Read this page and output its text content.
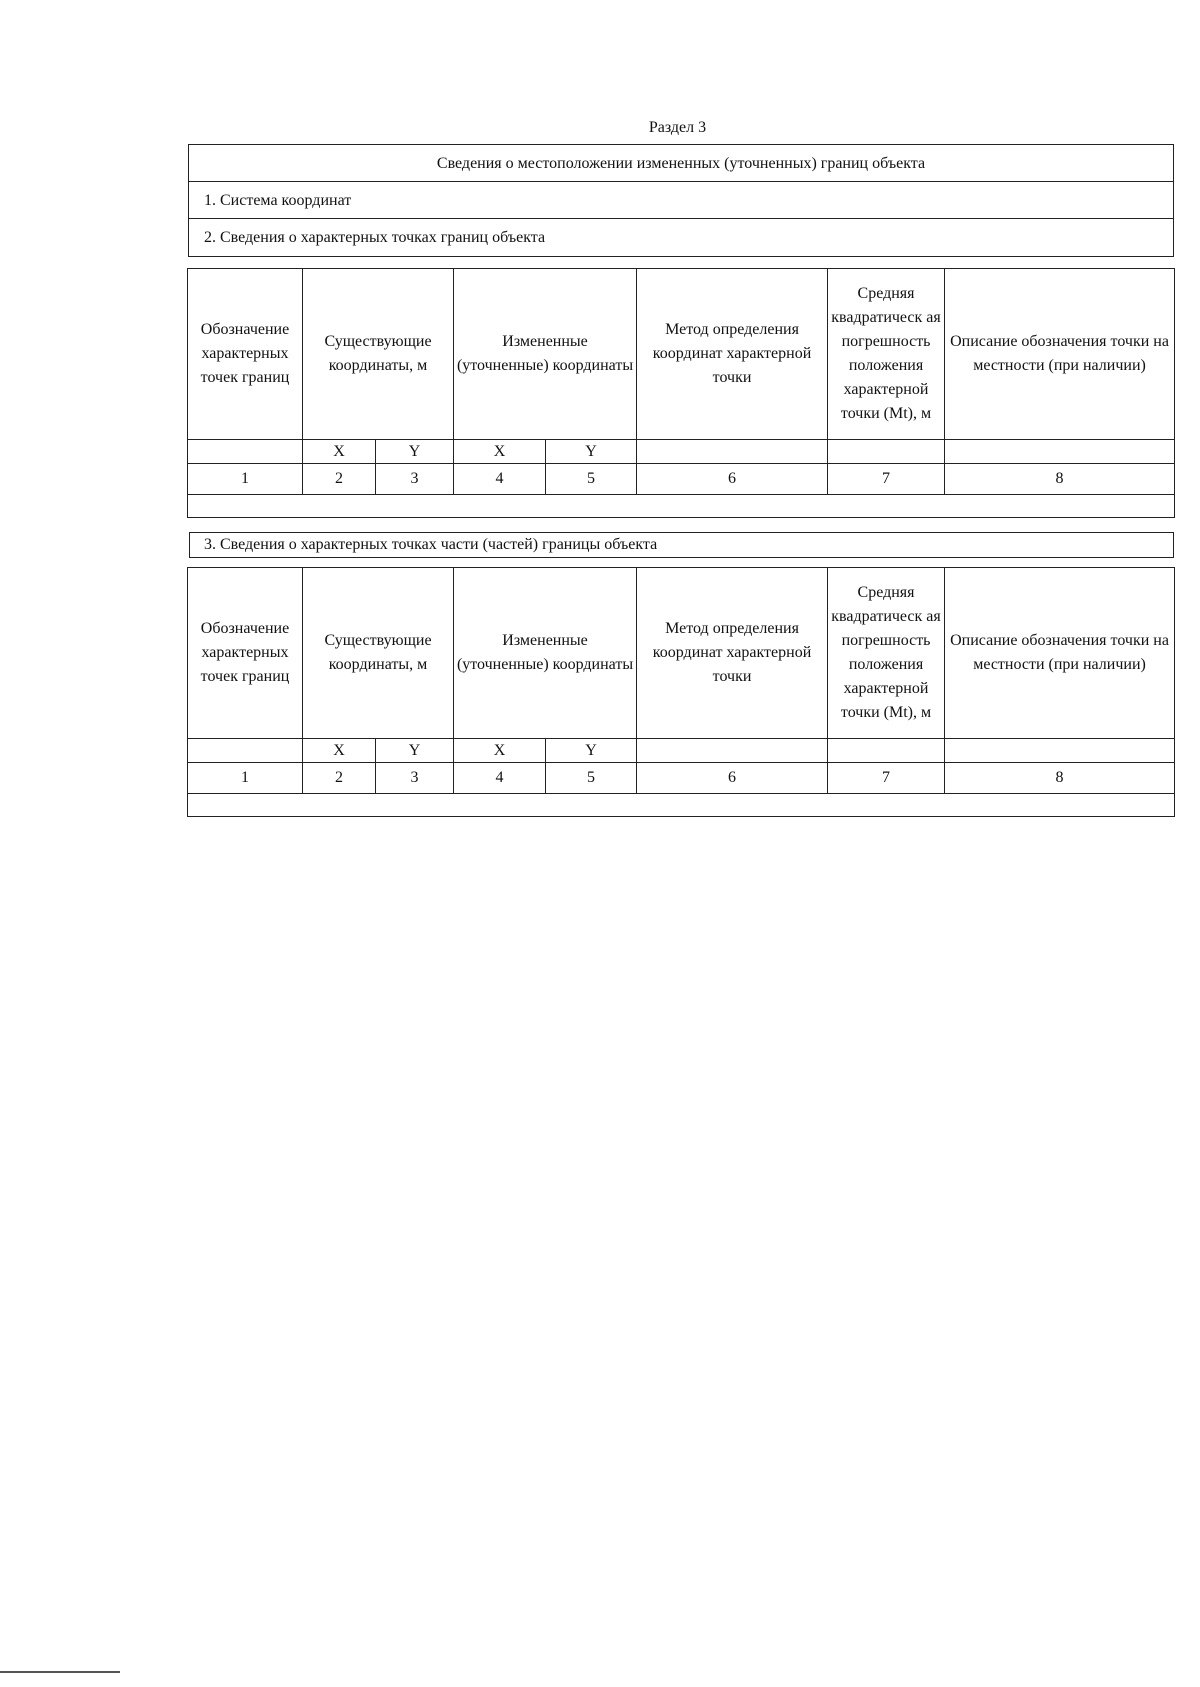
Раздел 3
Сведения о местоположении измененных (уточненных) границ объекта
1. Система координат
2. Сведения о характерных точках границ объекта
Обозначение характерных точек границ	Существующие координаты, м		Измененные (уточненные) координаты		Метод определения координат характерной точки	Средняя квадратическ ая погрешность положения характерной точки (Mt), м	Описание обозначения точки на местности (при наличии)
	X	Y	X	Y			
1	2	3	4	5	6	7	8

3. Сведения о характерных точках части (частей) границы объекта
Обозначение характерных точек границ	Существующие координаты, м		Измененные (уточненные) координаты		Метод определения координат характерной точки	Средняя квадратическ ая погрешность положения характерной точки (Mt), м	Описание обозначения точки на местности (при наличии)
	X	Y	X	Y			
1	2	3	4	5	6	7	8
